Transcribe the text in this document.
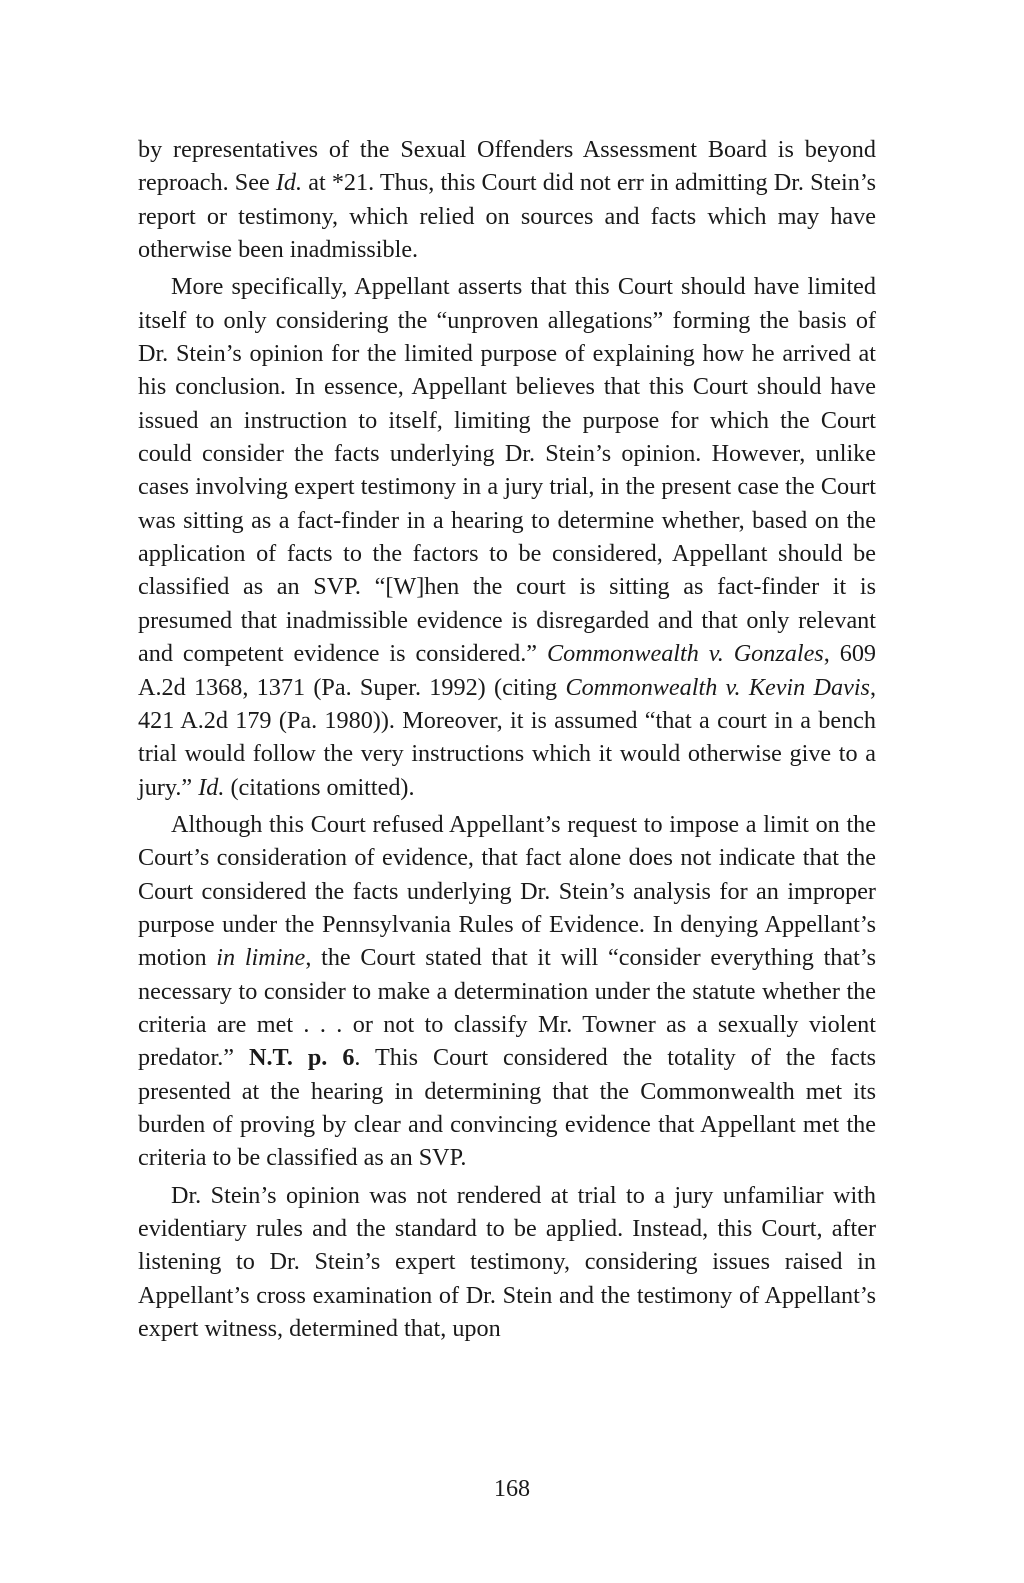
by representatives of the Sexual Offenders Assessment Board is beyond reproach. See Id. at *21. Thus, this Court did not err in admitting Dr. Stein’s report or testimony, which relied on sources and facts which may have otherwise been inadmissible.

More specifically, Appellant asserts that this Court should have limited itself to only considering the “unproven allegations” forming the basis of Dr. Stein’s opinion for the limited purpose of explaining how he arrived at his conclusion. In essence, Appellant believes that this Court should have issued an instruction to itself, limiting the purpose for which the Court could consider the facts underlying Dr. Stein’s opinion. However, unlike cases involving expert testimony in a jury trial, in the present case the Court was sitting as a fact-finder in a hearing to determine whether, based on the application of facts to the factors to be considered, Appellant should be classified as an SVP. “[W]hen the court is sitting as fact-finder it is presumed that inadmissible evidence is disregarded and that only relevant and competent evidence is considered.” Commonwealth v. Gonzales, 609 A.2d 1368, 1371 (Pa. Super. 1992) (citing Commonwealth v. Kevin Davis, 421 A.2d 179 (Pa. 1980)). Moreover, it is assumed “that a court in a bench trial would follow the very instructions which it would otherwise give to a jury.” Id. (citations omitted).

Although this Court refused Appellant’s request to impose a limit on the Court’s consideration of evidence, that fact alone does not indicate that the Court considered the facts underlying Dr. Stein’s analysis for an improper purpose under the Pennsylvania Rules of Evidence. In denying Appellant’s motion in limine, the Court stated that it will “consider everything that’s necessary to consider to make a determination under the statute whether the criteria are met . . . or not to classify Mr. Towner as a sexually violent predator.” N.T. p. 6. This Court considered the totality of the facts presented at the hearing in determining that the Commonwealth met its burden of proving by clear and convincing evidence that Appellant met the criteria to be classified as an SVP.

Dr. Stein’s opinion was not rendered at trial to a jury unfamiliar with evidentiary rules and the standard to be applied. Instead, this Court, after listening to Dr. Stein’s expert testimony, considering issues raised in Appellant’s cross examination of Dr. Stein and the testimony of Appellant’s expert witness, determined that, upon

168
